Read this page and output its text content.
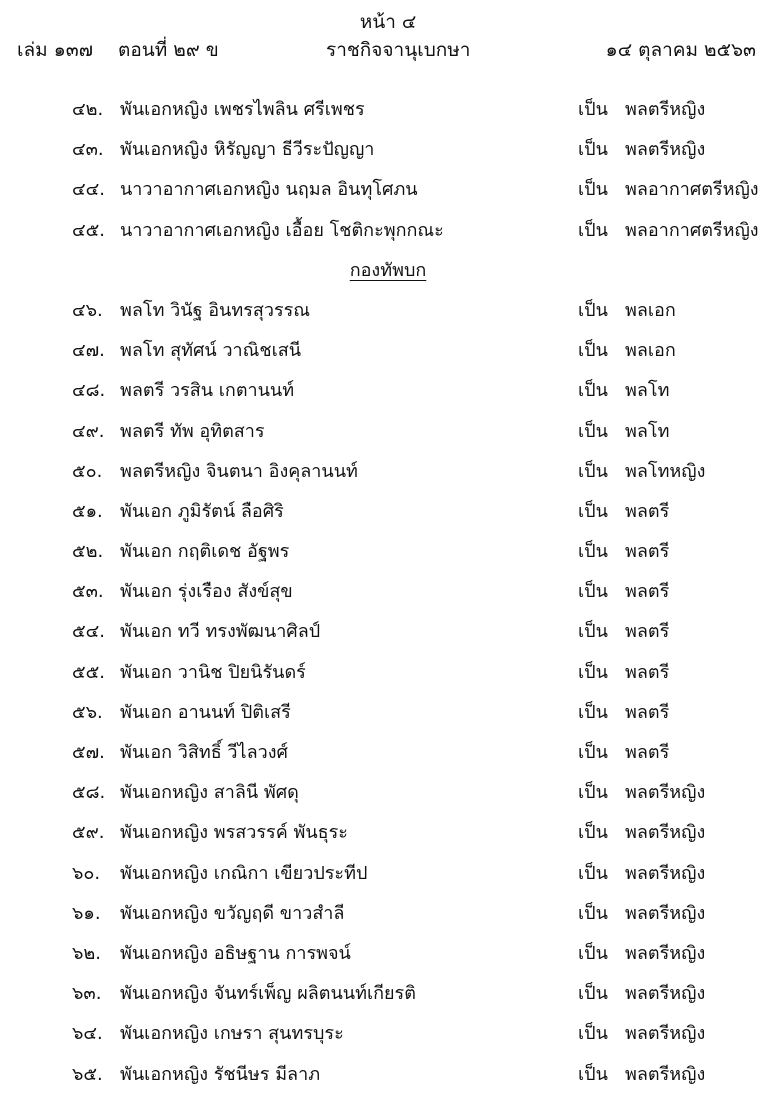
หน้า ๔
เล่ม ๑๓๗ ตอนที่ ๒๙ ข	ราชกิจจานุเบกษา	๑๔ ตุลาคม ๒๕๖๓
๔๒. พันเอกหญิง เพชรไพลิน ศรีเพชร	เป็น พลตรีหญิง
๔๓. พันเอกหญิง หิรัญญา ธีวีระปัญญา	เป็น พลตรีหญิง
๔๔. นาวาอากาศเอกหญิง นฤมล อินทุโศภน	เป็น พลอากาศตรีหญิง
๔๕. นาวาอากาศเอกหญิง เอื้อย โชติกะพุกกณะ	เป็น พลอากาศตรีหญิง
กองทัพบก
๔๖. พลโท วินัฐ อินทรสุวรรณ	เป็น พลเอก
๔๗. พลโท สุทัศน์ วาณิชเสนี	เป็น พลเอก
๔๘. พลตรี วรสิน เกตานนท์	เป็น พลโท
๔๙. พลตรี ทัพ อุทิตสาร	เป็น พลโท
๕๐. พลตรีหญิง จินตนา อิงคุลานนท์	เป็น พลโทหญิง
๕๑. พันเอก ภูมิรัตน์ ลือศิริ	เป็น พลตรี
๕๒. พันเอก กฤติเดช อัฐพร	เป็น พลตรี
๕๓. พันเอก รุ่งเรือง สังข์สุข	เป็น พลตรี
๕๔. พันเอก ทวี ทรงพัฒนาศิลป์	เป็น พลตรี
๕๕. พันเอก วานิช ปิยนิรันดร์	เป็น พลตรี
๕๖. พันเอก อานนท์ ปิติเสรี	เป็น พลตรี
๕๗. พันเอก วิสิทธิ์ วีไลวงศ์	เป็น พลตรี
๕๘. พันเอกหญิง สาลินี พัศดุ	เป็น พลตรีหญิง
๕๙. พันเอกหญิง พรสวรรค์ พันธุระ	เป็น พลตรีหญิง
๖๐. พันเอกหญิง เกณิกา เขียวประทีป	เป็น พลตรีหญิง
๖๑. พันเอกหญิง ขวัญฤดี ขาวสำลี	เป็น พลตรีหญิง
๖๒. พันเอกหญิง อธิษฐาน การพจน์	เป็น พลตรีหญิง
๖๓. พันเอกหญิง จันทร์เพ็ญ ผลิตนนท์เกียรติ	เป็น พลตรีหญิง
๖๔. พันเอกหญิง เกษรา สุนทรบุระ	เป็น พลตรีหญิง
๖๕. พันเอกหญิง รัชนีษร มีลาภ	เป็น พลตรีหญิง
